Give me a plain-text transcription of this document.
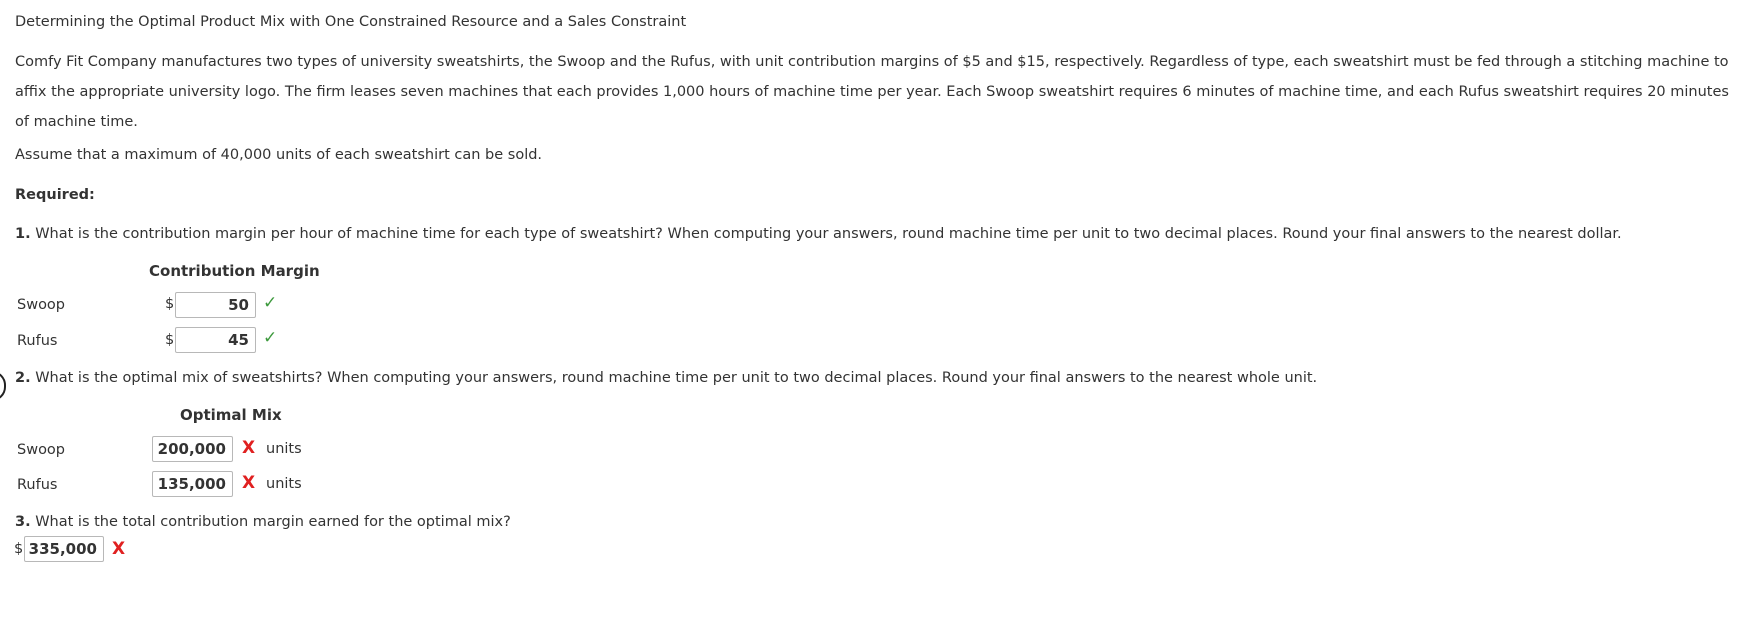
Determining the Optimal Product Mix with One Constrained Resource and a Sales Constraint
Comfy Fit Company manufactures two types of university sweatshirts, the Swoop and the Rufus, with unit contribution margins of $5 and $15, respectively. Regardless of type, each sweatshirt must be fed through a stitching machine to affix the appropriate university logo. The firm leases seven machines that each provides 1,000 hours of machine time per year. Each Swoop sweatshirt requires 6 minutes of machine time, and each Rufus sweatshirt requires 20 minutes of machine time.
Assume that a maximum of 40,000 units of each sweatshirt can be sold.
Required:
1. What is the contribution margin per hour of machine time for each type of sweatshirt? When computing your answers, round machine time per unit to two decimal places. Round your final answers to the nearest dollar.
Contribution Margin
Swoop	$	50 ✓
Rufus	$	45 ✓
2. What is the optimal mix of sweatshirts? When computing your answers, round machine time per unit to two decimal places. Round your final answers to the nearest whole unit.
Optimal Mix
Swoop	200,000 X units
Rufus	135,000 X units
3. What is the total contribution margin earned for the optimal mix?
$ 335,000 X
